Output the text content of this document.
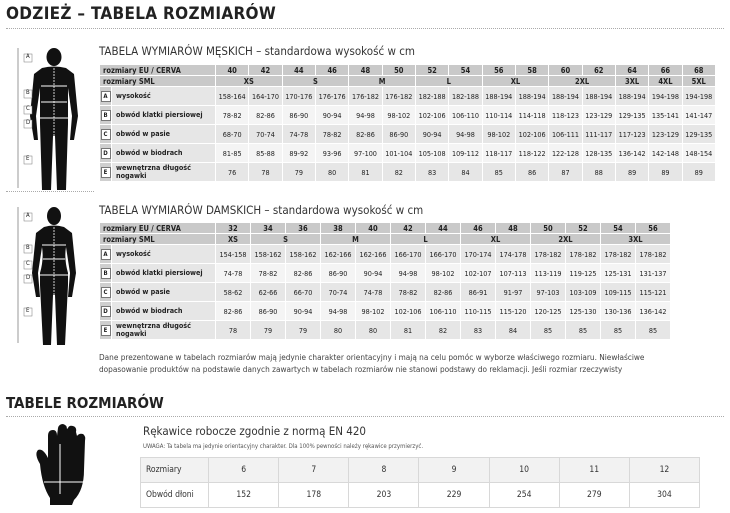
ODZIEŻ – TABELA ROZMIARÓW
A
B
C
D
E
TABELA WYMIARÓW MĘSKICH – standardowa wysokość w cm
rozmiary EU / CERVA		40	42	44	46	48	50	52	54	56	58	60	62	64	66	68
rozmiary SML		XS		S		M		L		XL		2XL		3XL	4XL	5XL
A	wysokość	158-164	164-170	170-176	176-176	176-182	176-182	182-188	182-188	188-194	188-194	188-194	188-194	188-194	194-198	194-198
B	obwód klatki piersiowej	78-82	82-86	86-90	90-94	94-98	98-102	102-106	106-110	110-114	114-118	118-123	123-129	129-135	135-141	141-147
C	obwód w pasie	68-70	70-74	74-78	78-82	82-86	86-90	90-94	94-98	98-102	102-106	106-111	111-117	117-123	123-129	129-135
D	obwód w biodrach	81-85	85-88	89-92	93-96	97-100	101-104	105-108	109-112	118-117	118-122	122-128	128-135	136-142	142-148	148-154
E	wewnętrzna długość nogawki	76	78	79	80	81	82	83	84	85	86	87	88	89	89	89
A
B
C
D
E
TABELA WYMIARÓW DAMSKICH – standardowa wysokość w cm
rozmiary EU / CERVA		32	34	36	38	40	42	44	46	48	50	52	54	56
rozmiary SML		XS	S		M		L		XL		2XL		3XL	
A	wysokość	154-158	158-162	158-162	162-166	162-166	166-170	166-170	170-174	174-178	178-182	178-182	178-182	178-182
B	obwód klatki piersiowej	74-78	78-82	82-86	86-90	90-94	94-98	98-102	102-107	107-113	113-119	119-125	125-131	131-137
C	obwód w pasie	58-62	62-66	66-70	70-74	74-78	78-82	82-86	86-91	91-97	97-103	103-109	109-115	115-121
D	obwód w biodrach	82-86	86-90	90-94	94-98	98-102	102-106	106-110	110-115	115-120	120-125	125-130	130-136	136-142
E	wewnętrzna długość nogawki	78	79	79	80	80	81	82	83	84	85	85	85	85
Dane prezentowane w tabelach rozmiarów mają jedynie charakter orientacyjny i mają na celu pomóc w wyborze właściwego rozmiaru. Niewłaściwe dopasowanie produktów na podstawie danych zawartych w tabelach rozmiarów nie stanowi podstawy do reklamacji. Jeśli rozmiar rzeczywisty
TABELE ROZMIARÓW
Rękawice robocze zgodnie z normą EN 420
UWAGA: Ta tabela ma jedynie orientacyjny charakter. Dla 100% pewności należy rękawice przymierzyć.
Rozmiary	6	7	8	9	10	11	12
Obwód dłoni	152	178	203	229	254	279	304
